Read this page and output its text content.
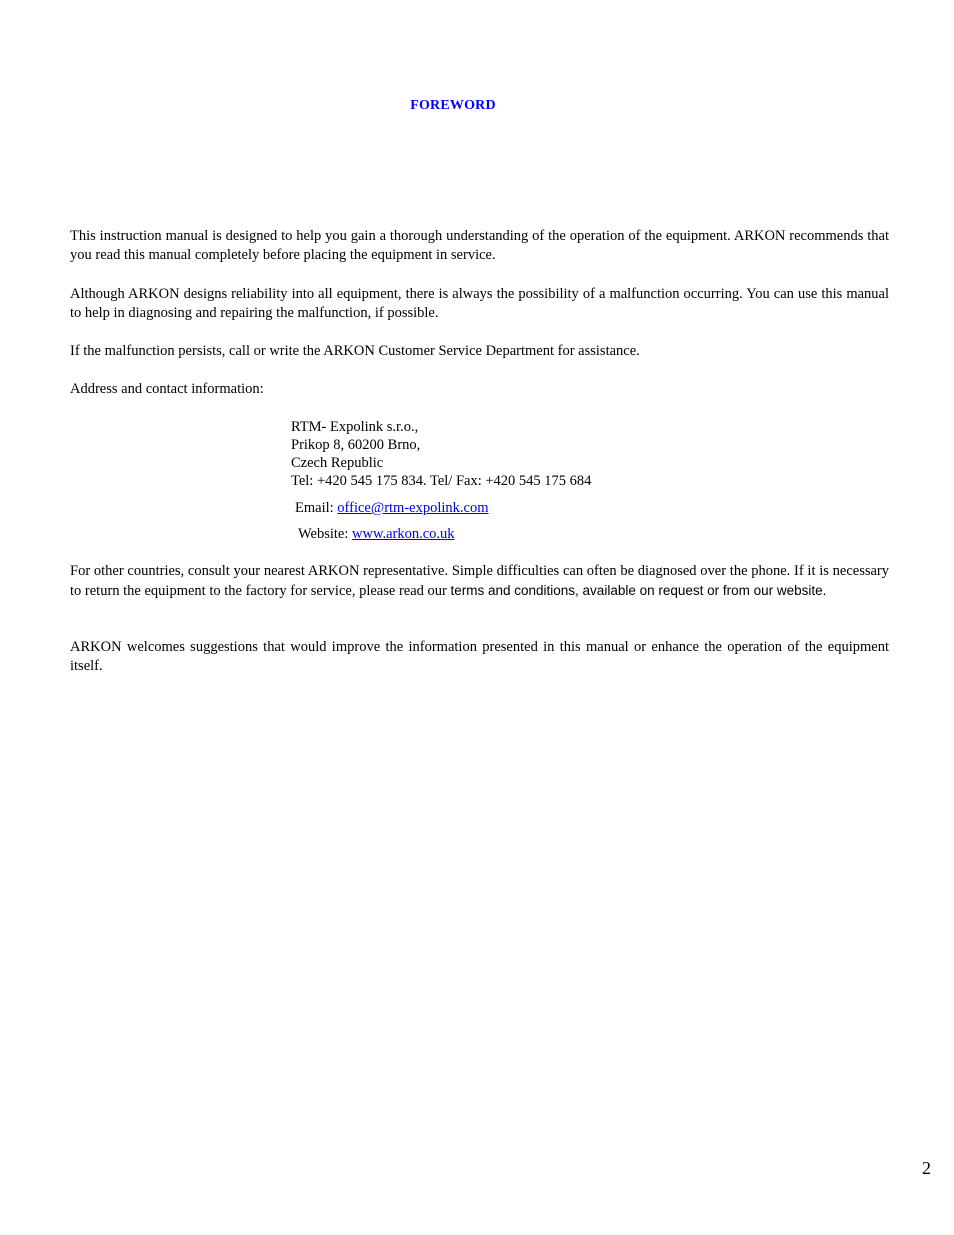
FOREWORD

This instruction manual is designed to help you gain a thorough understanding of the operation of the equipment. ARKON recommends that you read this manual completely before placing the equipment in service.

Although ARKON designs reliability into all equipment, there is always the possibility of a malfunction occurring. You can use this manual to help in diagnosing and repairing the malfunction, if possible.

If the malfunction persists, call or write the ARKON Customer Service Department for assistance.

Address and contact information:

RTM- Expolink s.r.o.,
Prikop 8, 60200 Brno,
Czech Republic
Tel: +420 545 175 834. Tel/ Fax: +420 545 175 684
Email: office@rtm-expolink.com
Website: www.arkon.co.uk

For other countries, consult your nearest ARKON representative. Simple difficulties can often be diagnosed over the phone. If it is necessary to return the equipment to the factory for service, please read our terms and conditions, available on request or from our website.

ARKON welcomes suggestions that would improve the information presented in this manual or enhance the operation of the equipment itself.

2
